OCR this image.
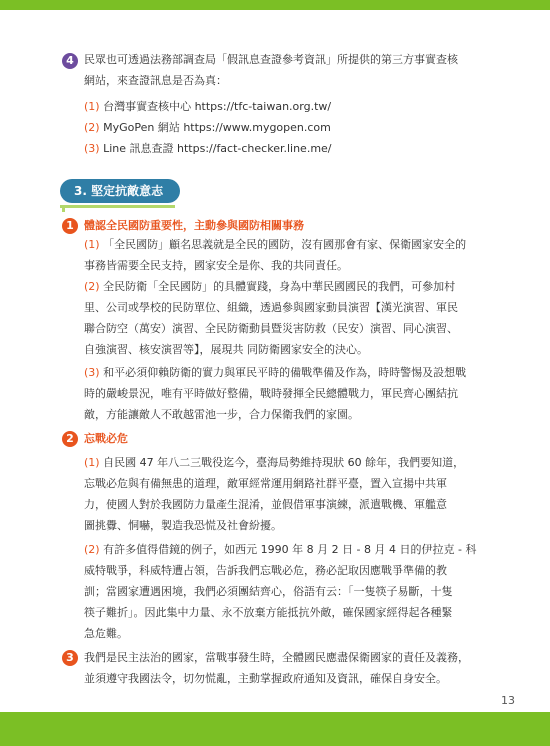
4 民眾也可透過法務部調查局「假訊息查證參考資訊」所提供的第三方事實查核
網站，來查證訊息是否為真：
(1) 台灣事實查核中心 https://tfc-taiwan.org.tw/
(2) MyGoPen 網站 https://www.mygopen.com
(3) Line 訊息查證 https://fact-checker.line.me/
3. 堅定抗敵意志
1 體認全民國防重要性，主動參與國防相關事務
(1) 「全民國防」顧名思義就是全民的國防，沒有國那會有家、保衛國家安全的
事務皆需要全民支持，國家安全是你、我的共同責任。
(2) 全民防衛「全民國防」的具體實踐，身為中華民國國民的我們，可參加村
里、公司或學校的民防單位、組織，透過參與國家動員演習【漢光演習、軍民
聯合防空（萬安）演習、全民防衛動員暨災害防救（民安）演習、同心演習、
自強演習、核安演習等】，展現共 同防衛國家安全的決心。
(3) 和平必須仰賴防衛的實力與軍民平時的備戰準備及作為，時時警惕及設想戰
時的嚴峻景況，唯有平時做好整備，戰時發揮全民總體戰力，軍民齊心團結抗
敵，方能讓敵人不敢越雷池一步，合力保衛我們的家園。
2 忘戰必危
(1) 自民國 47 年八二三戰役迄今，臺海局勢維持現狀 60 餘年，我們要知道，
忘戰必危與有備無患的道理，敵軍經常運用網路社群平臺，置入宣揚中共軍
力，使國人對於我國防力量產生混淆，並假借軍事演練，派遣戰機、軍艦意
圖挑釁、恫嚇，製造我恐慌及社會紛擾。
(2) 有許多值得借鏡的例子，如西元 1990 年 8 月 2 日 - 8 月 4 日的伊拉克 - 科
威特戰爭，科威特遭占領，告訴我們忘戰必危，務必記取因應戰爭準備的教
訓；當國家遭遇困境，我們必須團結齊心，俗語有云：「一隻筷子易斷，十隻
筷子難折」。因此集中力量、永不放棄方能抵抗外敵，確保國家經得起各種緊
急危難。
3 我們是民主法治的國家，當戰事發生時，全體國民應盡保衛國家的責任及義務，
並須遵守我國法令，切勿慌亂，主動掌握政府通知及資訊，確保自身安全。
13
